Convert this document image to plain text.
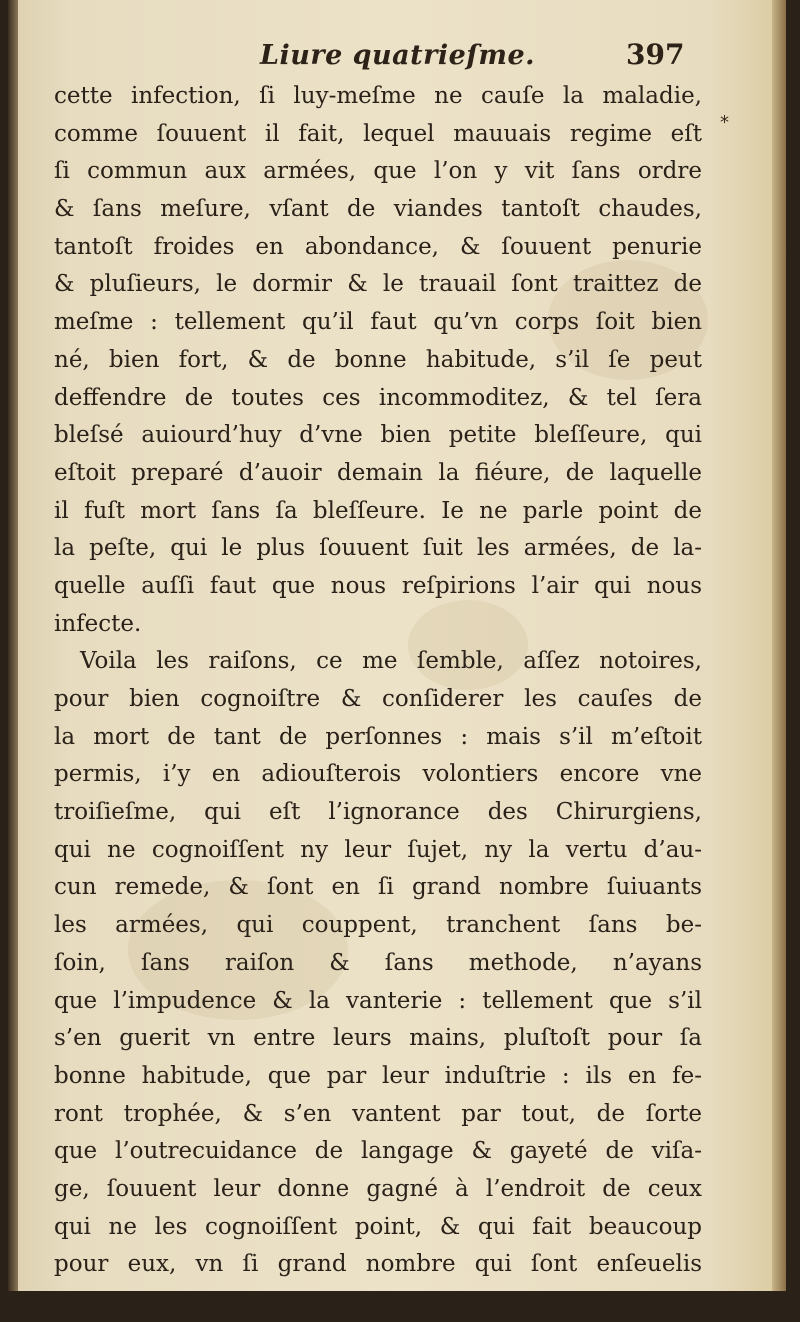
Liure quatrieſme.	397
*
cette infection, ſi luy-meſme ne cauſe la maladie,
comme ſouuent il fait, lequel mauuais regime eſt
ſi commun aux armées, que l’on y vit ſans ordre
& ſans meſure, vſant de viandes tantoſt chaudes,
tantoſt froides en abondance, & ſouuent penurie
& pluſieurs, le dormir & le trauail ſont traittez de
meſme : tellement qu’il faut qu’vn corps ſoit bien
né, bien fort, & de bonne habitude, s’il ſe peut
deffendre de toutes ces incommoditez, & tel ſera
bleſsé auiourd’huy d’vne bien petite bleſſeure, qui
eſtoit preparé d’auoir demain la fiéure, de laquelle
il fuſt mort ſans ſa bleſſeure. Ie ne parle point de
la peſte, qui le plus ſouuent ſuit les armées, de la-
quelle auſſi faut que nous reſpirions l’air qui nous
infecte.
Voila les raiſons, ce me ſemble, aſſez notoires,
pour bien cognoiſtre & conſiderer les cauſes de
la mort de tant de perſonnes : mais s’il m’eſtoit
permis, i’y en adiouſterois volontiers encore vne
troiſieſme, qui eſt l’ignorance des Chirurgiens,
qui ne cognoiſſent ny leur ſujet, ny la vertu d’au-
cun remede, & ſont en ſi grand nombre ſuiuants
les armées, qui couppent, tranchent ſans be-
ſoin, ſans raiſon & ſans methode, n’ayans
que l’impudence & la vanterie : tellement que s’il
s’en guerit vn entre leurs mains, pluſtoſt pour ſa
bonne habitude, que par leur induſtrie : ils en fe-
ront trophée, & s’en vantent par tout, de ſorte
que l’outrecuidance de langage & gayeté de viſa-
ge, ſouuent leur donne gagné à l’endroit de ceux
qui ne les cognoiſſent point, & qui fait beaucoup
pour eux, vn ſi grand nombre qui ſont enſeuelis
par leur ignorance, ne ſe plaignent point. Nous
